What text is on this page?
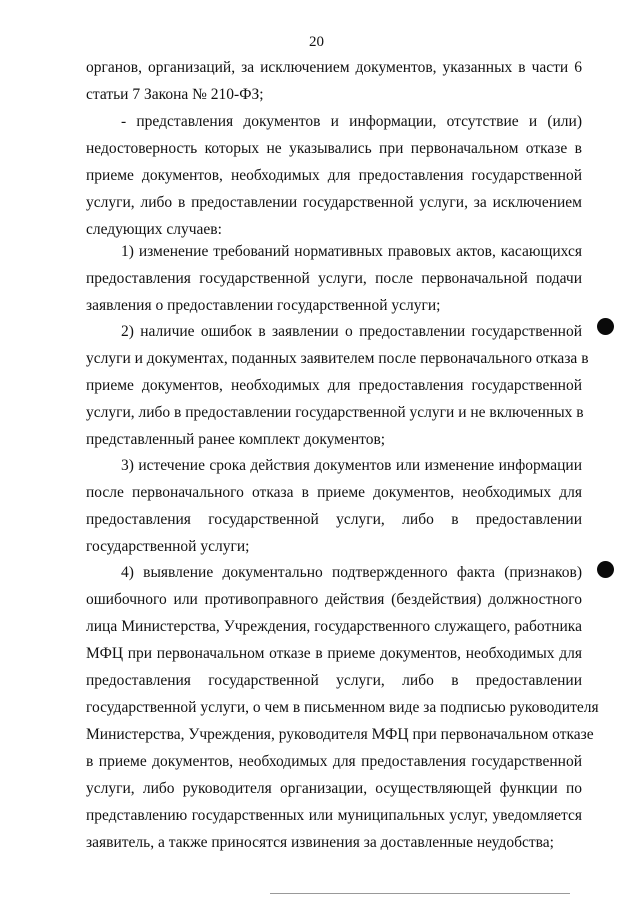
20
органов, организаций, за исключением документов, указанных в части 6
статьи 7 Закона № 210-ФЗ;
- представления документов и информации, отсутствие и (или)
недостоверность которых не указывались при первоначальном отказе в
приеме документов, необходимых для предоставления государственной
услуги, либо в предоставлении государственной услуги, за исключением
следующих случаев:
1) изменение требований нормативных правовых актов, касающихся
предоставления государственной услуги, после первоначальной подачи
заявления о предоставлении государственной услуги;
2) наличие ошибок в заявлении о предоставлении государственной
услуги и документах, поданных заявителем после первоначального отказа в
приеме документов, необходимых для предоставления государственной
услуги, либо в предоставлении государственной услуги и не включенных в
представленный ранее комплект документов;
3) истечение срока действия документов или изменение информации
после первоначального отказа в приеме документов, необходимых для
предоставления государственной услуги, либо в предоставлении
государственной услуги;
4) выявление документально подтвержденного факта (признаков)
ошибочного или противоправного действия (бездействия) должностного
лица Министерства, Учреждения, государственного служащего, работника
МФЦ при первоначальном отказе в приеме документов, необходимых для
предоставления государственной услуги, либо в предоставлении
государственной услуги, о чем в письменном виде за подписью руководителя
Министерства, Учреждения, руководителя МФЦ при первоначальном отказе
в приеме документов, необходимых для предоставления государственной
услуги, либо руководителя организации, осуществляющей функции по
представлению государственных или муниципальных услуг, уведомляется
заявитель, а также приносятся извинения за доставленные неудобства;
